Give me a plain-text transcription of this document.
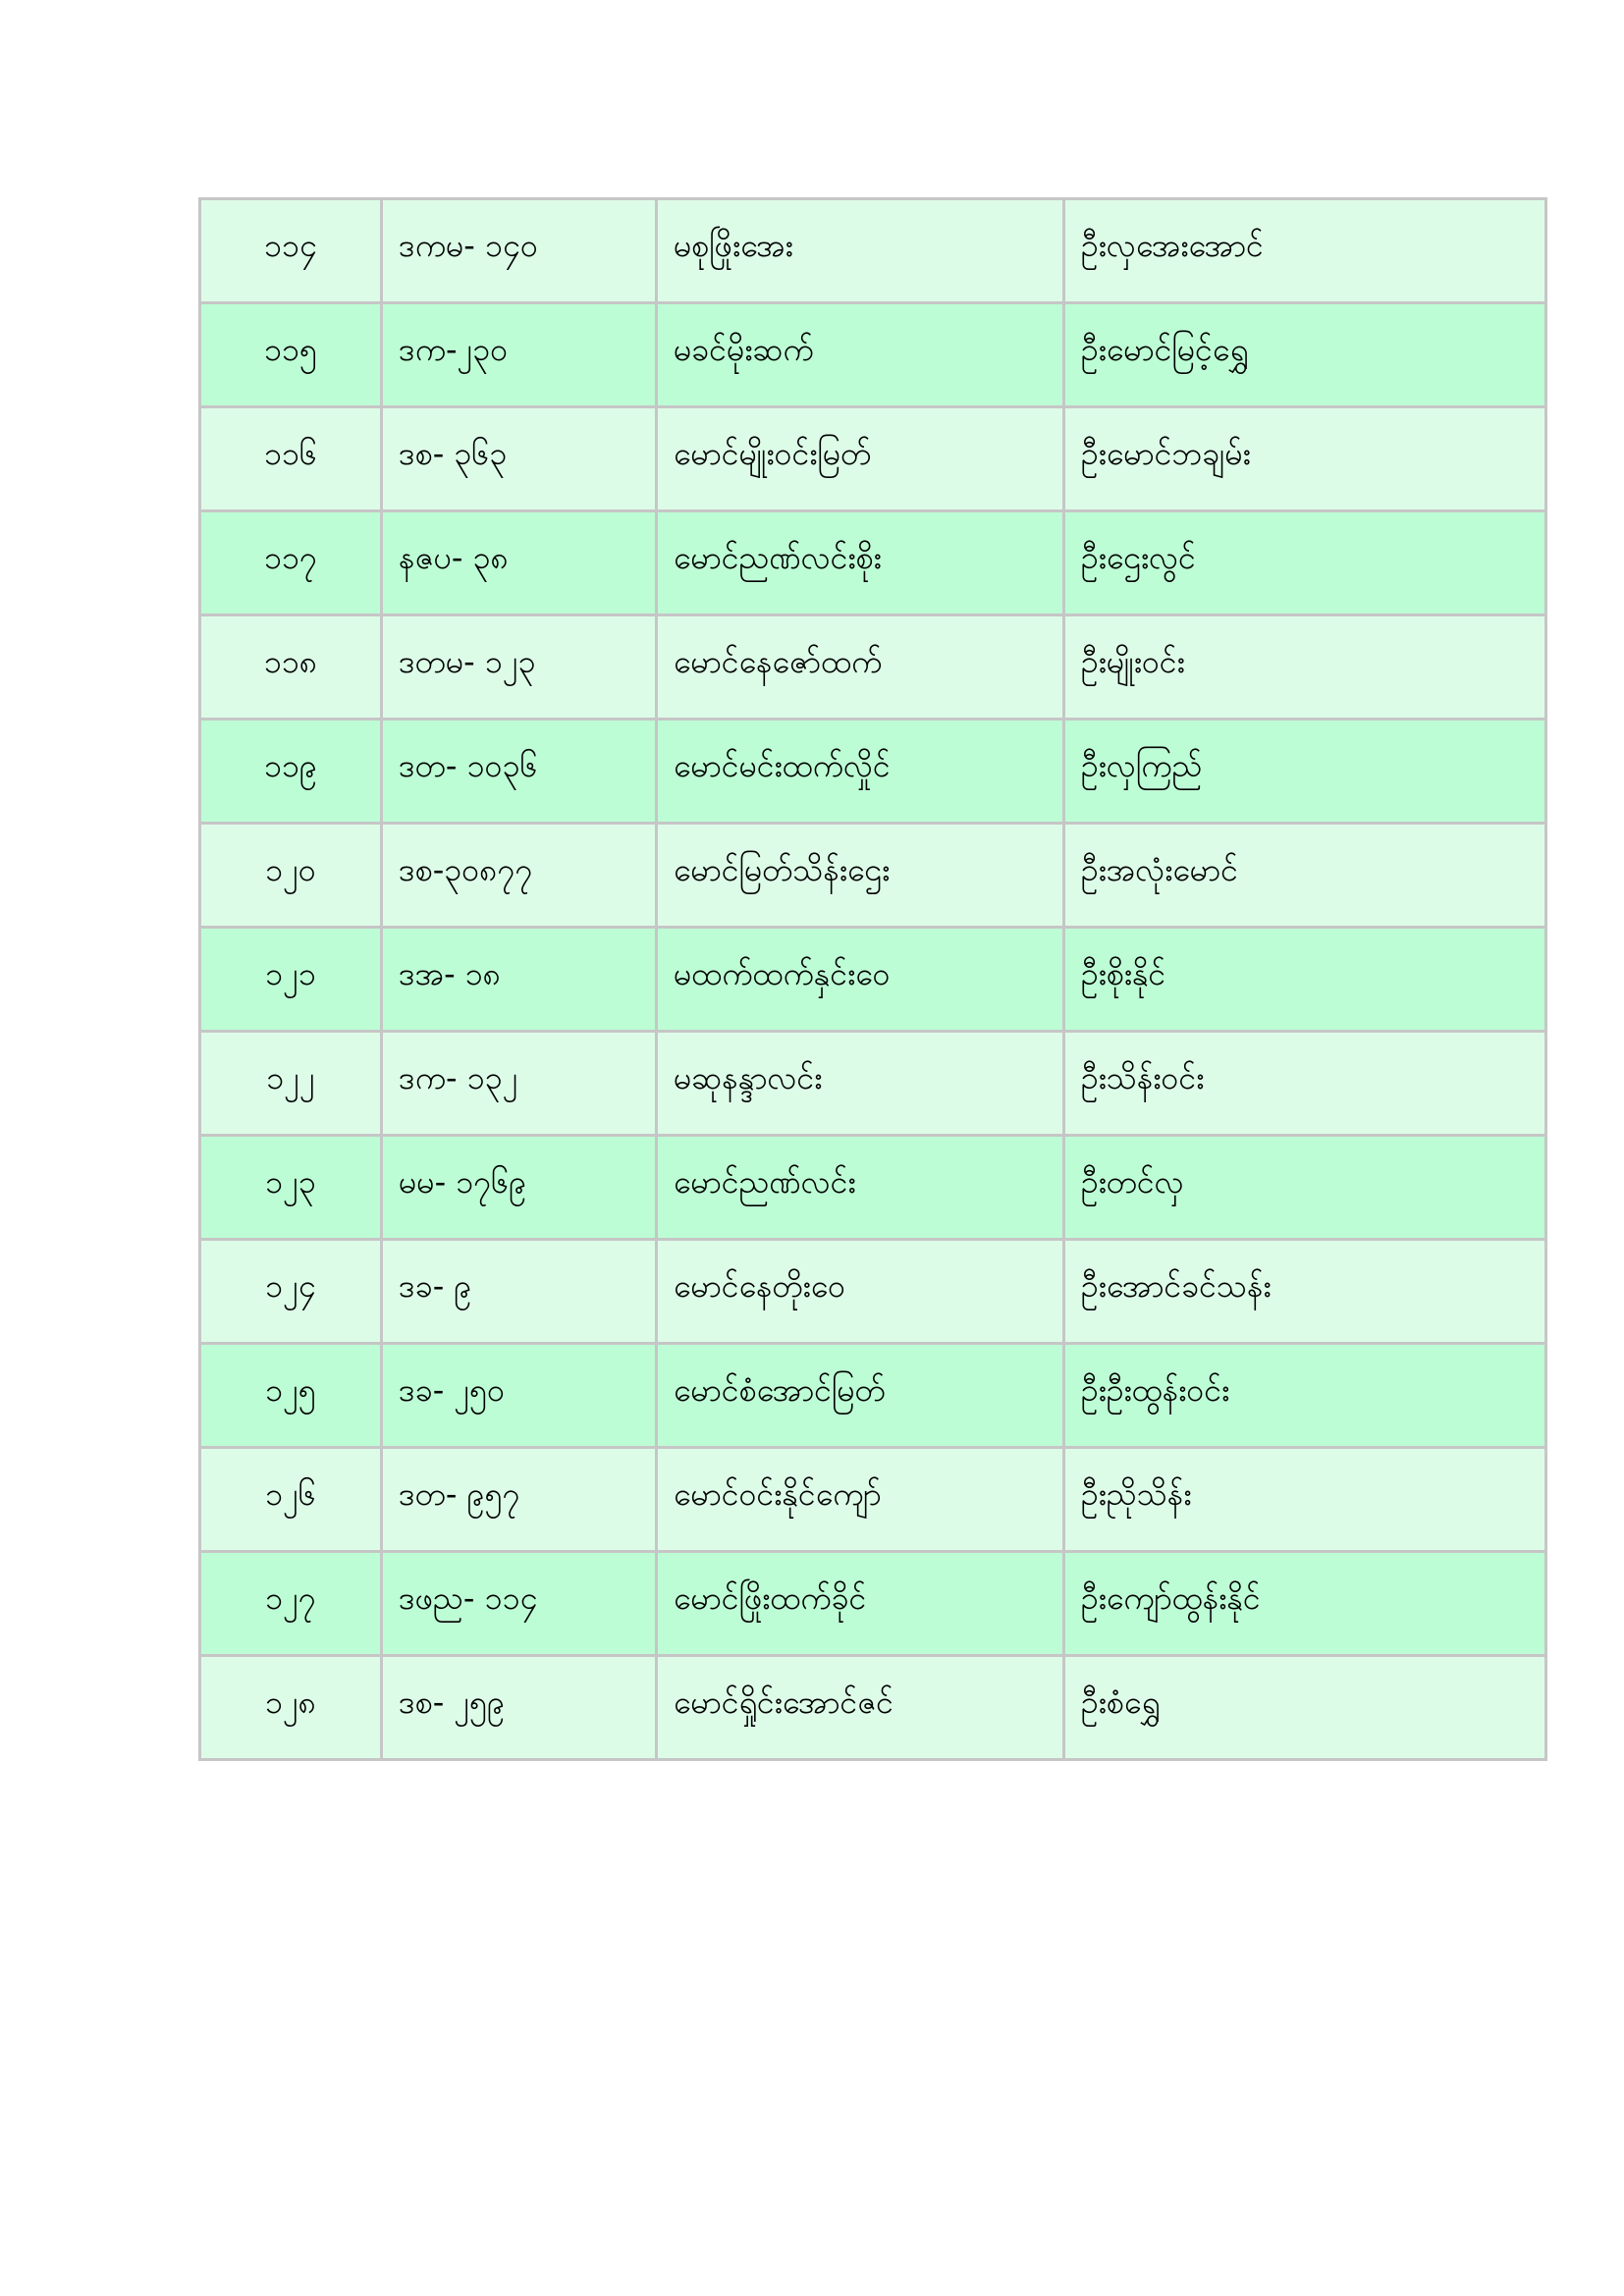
၁၁၄	ဒကမ- ၁၄၀	မစုဖြိုးအေး	ဦးလှအေးအောင်
၁၁၅	ဒက-၂၃၀	မခင်မိုးဆက်	ဦးမောင်မြင့်ရွှေ
၁၁၆	ဒစ- ၃၆၃	မောင်မျိုးဝင်းမြတ်	ဦးမောင်ဘချမ်း
၁၁၇	နဇပ- ၃၈	မောင်ညဏ်လင်းစိုး	ဦးဌေးလွင်
၁၁၈	ဒတမ- ၁၂၃	မောင်နေဇော်ထက်	ဦးမျိုးဝင်း
၁၁၉	ဒတ- ၁၀၃၆	မောင်မင်းထက်လှိုင်	ဦးလှကြည်
၁၂၀	ဒစ-၃၀၈၇၇	မောင်မြတ်သိန်းဌေး	ဦးအလုံးမောင်
၁၂၁	ဒအ- ၁၈	မထက်ထက်နှင်းဝေ	ဦးစိုးနိုင်
၁၂၂	ဒက- ၁၃၂	မဆုနန္ဒာလင်း	ဦးသိန်းဝင်း
၁၂၃	မမ- ၁၇၆၉	မောင်ညဏ်လင်း	ဦးတင်လှ
၁၂၄	ဒခ- ၉	မောင်နေတိုးဝေ	ဦးအောင်ခင်သန်း
၁၂၅	ဒခ- ၂၅၀	မောင်စံအောင်မြတ်	ဦးဦးထွန်းဝင်း
၁၂၆	ဒတ- ၉၅၇	မောင်ဝင်းနိုင်ကျော်	ဦးညိုသိန်း
၁၂၇	ဒဖည- ၁၁၄	မောင်ဖြိုးထက်ခိုင်	ဦးကျော်ထွန်းနိုင်
၁၂၈	ဒစ- ၂၅၉	မောင်ရှိုင်းအောင်ဇင်	ဦးစံရွှေ
